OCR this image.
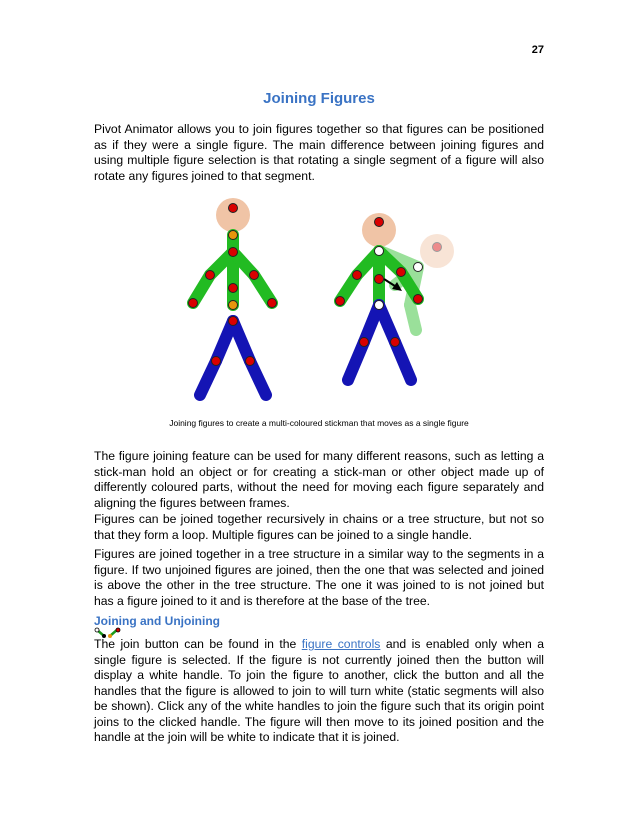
27
Joining Figures

Pivot Animator allows you to join figures together so that figures can be positioned as if they were a single figure. The main difference between joining figures and using multiple figure selection is that rotating a single segment of a figure will also rotate any figures joined to that segment.

Joining figures to create a multi-coloured stickman that moves as a single figure

The figure joining feature can be used for many different reasons, such as letting a stick-man hold an object or for creating a stick-man or other object made up of differently coloured parts, without the need for moving each figure separately and aligning the figures between frames.

Figures can be joined together recursively in chains or a tree structure, but not so that they form a loop. Multiple figures can be joined to a single handle.

Figures are joined together in a tree structure in a similar way to the segments in a figure. If two unjoined figures are joined, then the one that was selected and joined is above the other in the tree structure. The one it was joined to is not joined but has a figure joined to it and is therefore at the base of the tree.

Joining and Unjoining

The join button can be found in the figure controls and is enabled only when a single figure is selected. If the figure is not currently joined then the button will display a white handle. To join the figure to another, click the button and all the handles that the figure is allowed to join to will turn white (static segments will also be shown). Click any of the white handles to join the figure such that its origin point joins to the clicked handle. The figure will then move to its joined position and the handle at the join will be white to indicate that it is joined.
